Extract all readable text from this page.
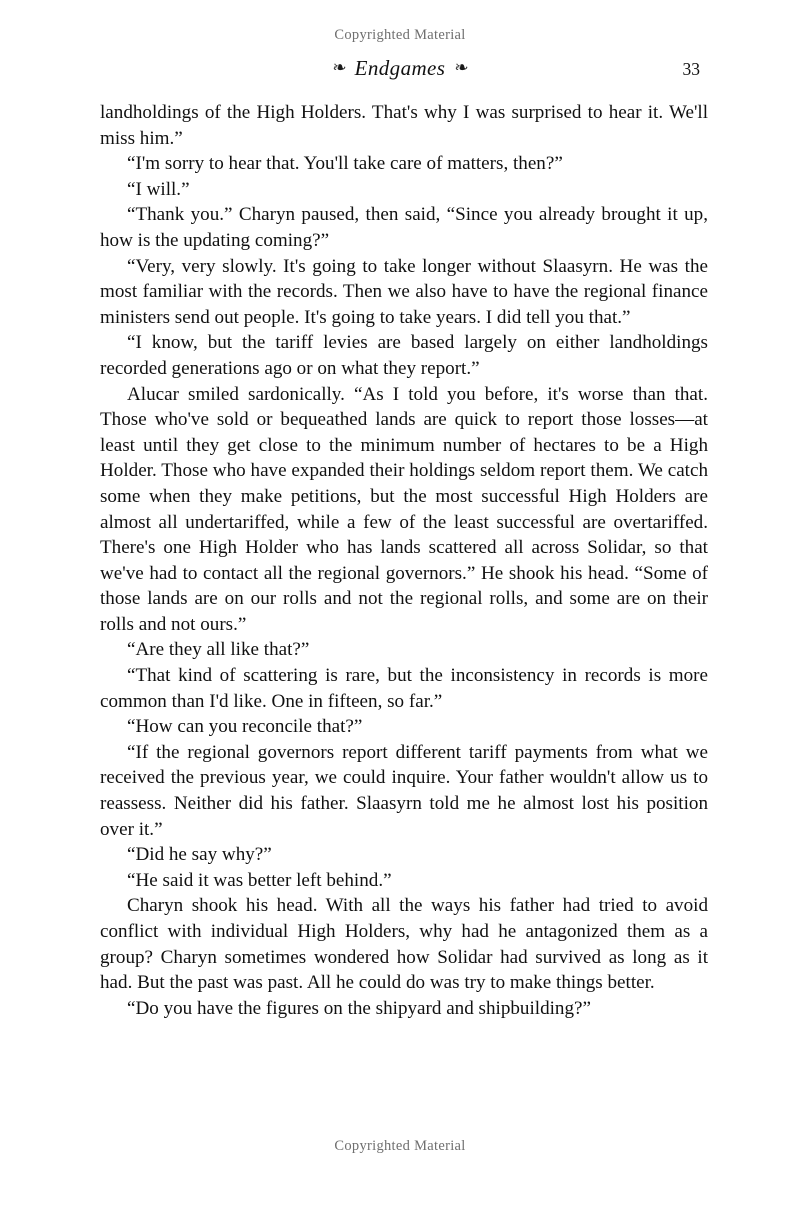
Copyrighted Material
❧ Endgames ❧	33

landholdings of the High Holders. That's why I was surprised to hear it. We'll miss him.”

“I'm sorry to hear that. You'll take care of matters, then?”

“I will.”

“Thank you.” Charyn paused, then said, “Since you already brought it up, how is the updating coming?”

“Very, very slowly. It's going to take longer without Slaasyrn. He was the most familiar with the records. Then we also have to have the regional finance ministers send out people. It's going to take years. I did tell you that.”

“I know, but the tariff levies are based largely on either landholdings recorded generations ago or on what they report.”

Alucar smiled sardonically. “As I told you before, it's worse than that. Those who've sold or bequeathed lands are quick to report those losses—at least until they get close to the minimum number of hectares to be a High Holder. Those who have expanded their holdings seldom report them. We catch some when they make petitions, but the most successful High Holders are almost all undertariffed, while a few of the least successful are overtariffed. There's one High Holder who has lands scattered all across Solidar, so that we've had to contact all the regional governors.” He shook his head. “Some of those lands are on our rolls and not the regional rolls, and some are on their rolls and not ours.”

“Are they all like that?”

“That kind of scattering is rare, but the inconsistency in records is more common than I'd like. One in fifteen, so far.”

“How can you reconcile that?”

“If the regional governors report different tariff payments from what we received the previous year, we could inquire. Your father wouldn't allow us to reassess. Neither did his father. Slaasyrn told me he almost lost his position over it.”

“Did he say why?”

“He said it was better left behind.”

Charyn shook his head. With all the ways his father had tried to avoid conflict with individual High Holders, why had he antagonized them as a group? Charyn sometimes wondered how Solidar had survived as long as it had. But the past was past. All he could do was try to make things better.

“Do you have the figures on the shipyard and shipbuilding?”

Copyrighted Material
